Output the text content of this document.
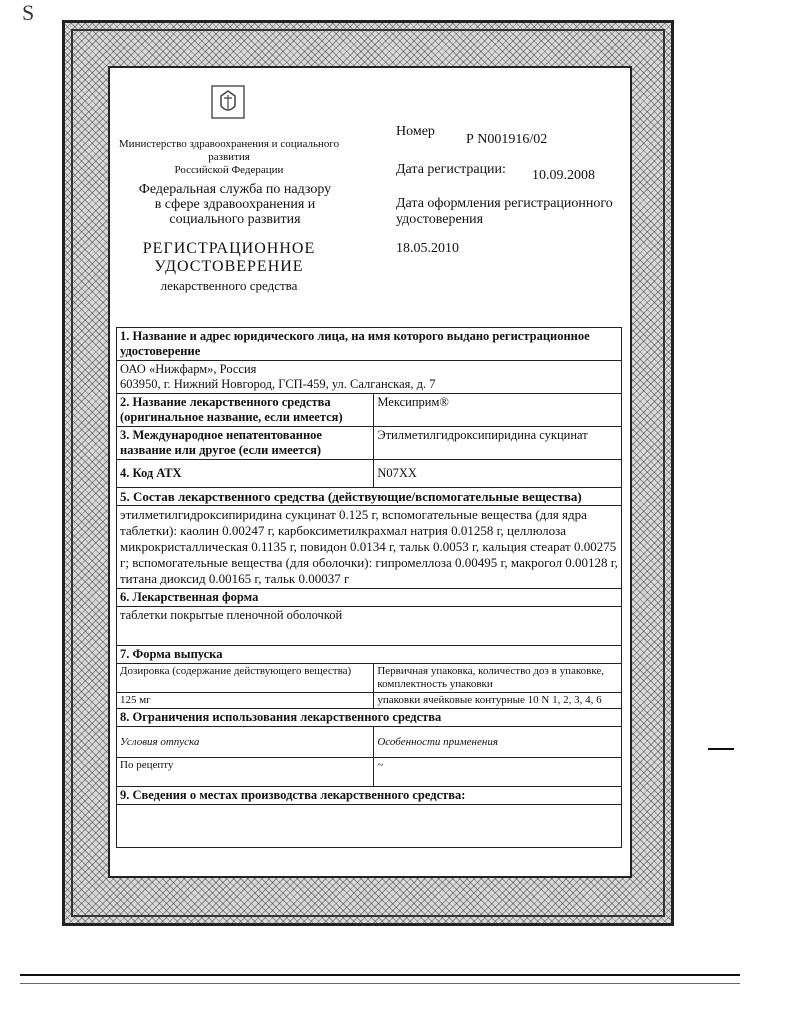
S
Министерство здравоохранения и социального
развития
Российской Федерации
Федеральная служба по надзору
в сфере здравоохранения и
социального развития
РЕГИСТРАЦИОННОЕ
УДОСТОВЕРЕНИЕ
лекарственного средства
Номер
Р N001916/02
Дата регистрации: 10.09.2008
Дата оформления регистрационного
удостоверения
18.05.2010
1. Название и адрес юридического лица, на имя которого выдано регистрационное удостоверение	

ОАО «Нижфарм», Россия
603950, г. Нижний Новгород, ГСП-459, ул. Салганская, д. 7	

2. Название лекарственного средства (оригинальное название, если имеется)	Мексиприм®
3. Международное непатентованное название или другое (если имеется)	Этилметилгидроксипиридина сукцинат
4. Код АТХ	N07XX
5. Состав лекарственного средства (действующие/вспомогательные вещества)	
этилметилгидроксипиридина сукцинат 0.125 г, вспомогательные вещества (для ядра таблетки): каолин 0.00247 г, карбоксиметилкрахмал натрия 0.01258 г, целлюлоза микрокристаллическая 0.1135 г, повидон 0.0134 г, тальк 0.0053 г, кальция стеарат 0.00275 г; вспомогательные вещества (для оболочки): гипромеллоза 0.00495 г, макрогол 0.00128 г, титана диоксид 0.00165 г, тальк 0.00037 г	
6. Лекарственная форма	
таблетки покрытые пленочной оболочкой	
7. Форма выпуска	
Дозировка (содержание действующего вещества)	Первичная упаковка, количество доз в упаковке, комплектность упаковки
125 мг	упаковки ячейковые контурные 10 N 1, 2, 3, 4, 6
8. Ограничения использования лекарственного средства	
Условия отпуска	Особенности применения
По рецепту	~
9. Сведения о местах производства лекарственного средства:	
